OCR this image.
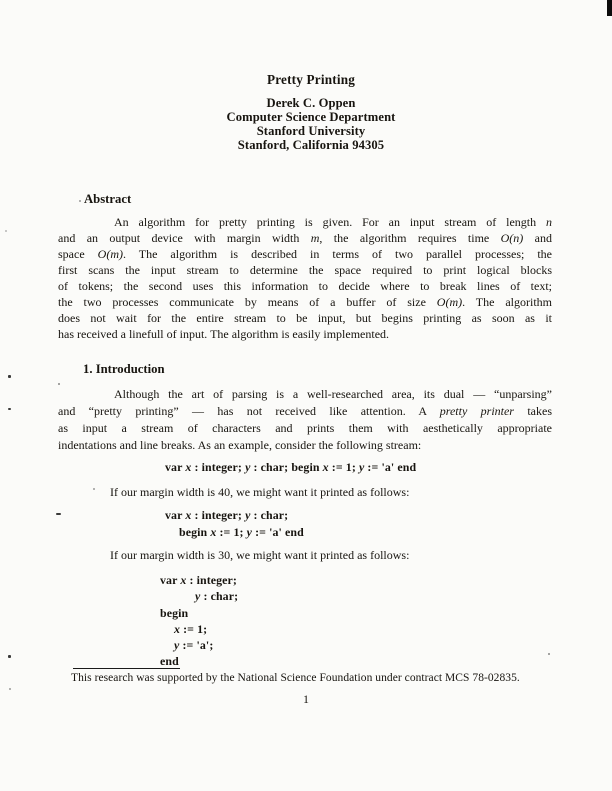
Pretty Printing
Derek C. Oppen
Computer Science Department
Stanford University
Stanford, California 94305
Abstract
An algorithm for pretty printing is given. For an input stream of length n
and an output device with margin width m, the algorithm requires time O(n) and
space O(m). The algorithm is described in terms of two parallel processes; the
first scans the input stream to determine the space required to print logical blocks
of tokens; the second uses this information to decide where to break lines of text;
the two processes communicate by means of a buffer of size O(m). The algorithm
does not wait for the entire stream to be input, but begins printing as soon as it
has received a linefull of input. The algorithm is easily implemented.
1. Introduction
Although the art of parsing is a well-researched area, its dual — “unparsing”
and “pretty printing” — has not received like attention. A pretty printer takes
as input a stream of characters and prints them with aesthetically appropriate
indentations and line breaks. As an example, consider the following stream:
var x : integer; y : char; begin x := 1; y := 'a' end
If our margin width is 40, we might want it printed as follows:
var x : integer; y : char;
begin x := 1; y := 'a' end
If our margin width is 30, we might want it printed as follows:
var x : integer;
y : char;
begin
x := 1;
y := 'a';
end
This research was supported by the National Science Foundation under contract MCS 78-02835.
1
